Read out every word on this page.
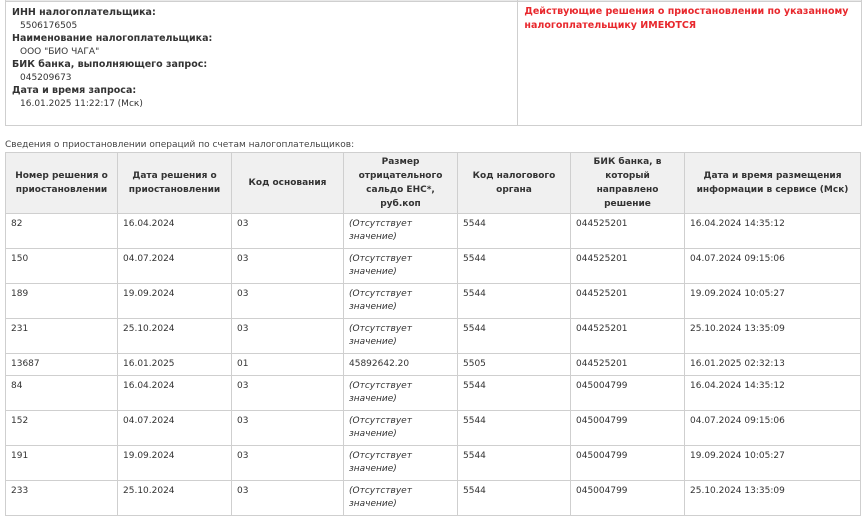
ИНН налогоплательщика:
5506176505
Наименование налогоплательщика:
ООО "БИО ЧАГА"
БИК банка, выполняющего запрос:
045209673
Дата и время запроса:
16.01.2025 11:22:17 (Мск)
Действующие решения о приостановлении по указанному налогоплательщику ИМЕЮТСЯ
Сведения о приостановлении операций по счетам налогоплательщиков:
Номер решения о приостановлении	Дата решения о приостановлении	Код основания	Размер отрицательного сальдо ЕНС*, руб.коп	Код налогового органа	БИК банка, в который направлено решение	Дата и время размещения информации в сервисе (Мск)
82	16.04.2024	03	(Отсутствует значение)	5544	044525201	16.04.2024 14:35:12
150	04.07.2024	03	(Отсутствует значение)	5544	044525201	04.07.2024 09:15:06
189	19.09.2024	03	(Отсутствует значение)	5544	044525201	19.09.2024 10:05:27
231	25.10.2024	03	(Отсутствует значение)	5544	044525201	25.10.2024 13:35:09
13687	16.01.2025	01	45892642.20	5505	044525201	16.01.2025 02:32:13
84	16.04.2024	03	(Отсутствует значение)	5544	045004799	16.04.2024 14:35:12
152	04.07.2024	03	(Отсутствует значение)	5544	045004799	04.07.2024 09:15:06
191	19.09.2024	03	(Отсутствует значение)	5544	045004799	19.09.2024 10:05:27
233	25.10.2024	03	(Отсутствует значение)	5544	045004799	25.10.2024 13:35:09
